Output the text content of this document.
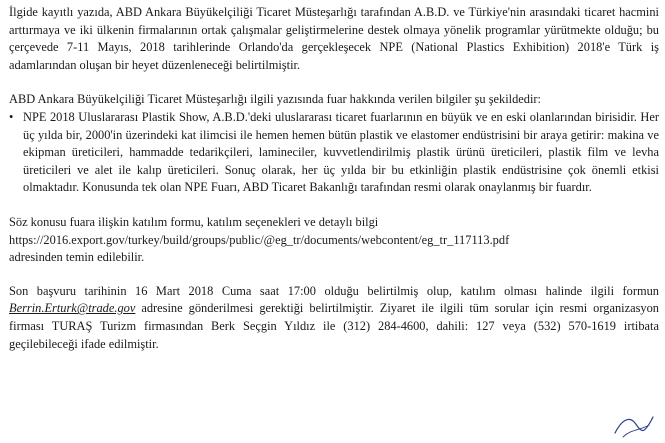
İlgide kayıtlı yazıda, ABD Ankara Büyükelçiliği Ticaret Müsteşarlığı tarafından A.B.D. ve Türkiye'nin arasındaki ticaret hacmini arttırmaya ve iki ülkenin firmalarının ortak çalışmalar geliştirmelerine destek olmaya yönelik programlar yürütmekte olduğu; bu çerçevede 7-11 Mayıs, 2018 tarihlerinde Orlando'da gerçekleşecek NPE (National Plastics Exhibition) 2018'e Türk iş adamlarından oluşan bir heyet düzenleneceği belirtilmiştir.

ABD Ankara Büyükelçiliği Ticaret Müsteşarlığı ilgili yazısında fuar hakkında verilen bilgiler şu şekildedir:

• NPE 2018 Uluslararası Plastik Show, A.B.D.'deki uluslararası ticaret fuarlarının en büyük ve en eski olanlarından birisidir. Her üç yılda bir, 2000'in üzerindeki kat ilimcisi ile hemen hemen bütün plastik ve elastomer endüstrisini bir araya getirir: makina ve ekipman üreticileri, hammadde tedarikçileri, lamineciler, kuvvetlendirilmiş plastik ürünü üreticileri, plastik film ve levha üreticileri ve alet ile kalıp üreticileri. Sonuç olarak, her üç yılda bir bu etkinliğin plastik endüstrisine çok önemli etkisi olmaktadır. Konusunda tek olan NPE Fuarı, ABD Ticaret Bakanlığı tarafından resmi olarak onaylanmış bir fuardır.

Söz konusu fuara ilişkin katılım formu, katılım seçenekleri ve detaylı bilgi
https://2016.export.gov/turkey/build/groups/public/@eg_tr/documents/webcontent/eg_tr_117113.pdf
adresinden temin edilebilir.

Son başvuru tarihinin 16 Mart 2018 Cuma saat 17:00 olduğu belirtilmiş olup, katılım olması halinde ilgili formun Berrin.Erturk@trade.gov adresine gönderilmesi gerektiği belirtilmiştir. Ziyaret ile ilgili tüm sorular için resmi organizasyon firması TURAŞ Turizm firmasından Berk Seçgin Yıldız ile (312) 284-4600, dahili: 127 veya (532) 570-1619 irtibata geçilebileceği ifade edilmiştir.
